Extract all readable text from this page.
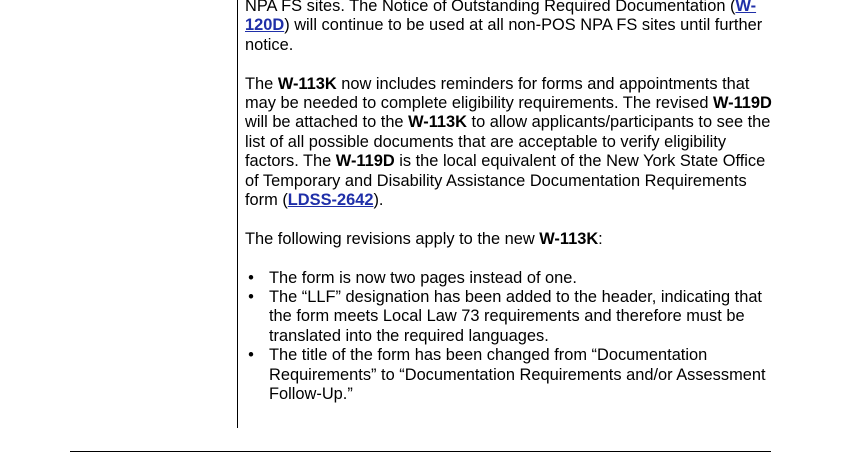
NPA FS sites. The Notice of Outstanding Required Documentation (W-120D) will continue to be used at all non-POS NPA FS sites until further notice.

The W-113K now includes reminders for forms and appointments that may be needed to complete eligibility requirements. The revised W-119D will be attached to the W-113K to allow applicants/participants to see the list of all possible documents that are acceptable to verify eligibility factors. The W-119D is the local equivalent of the New York State Office of Temporary and Disability Assistance Documentation Requirements form (LDSS-2642).

The following revisions apply to the new W-113K:

• The form is now two pages instead of one.
• The “LLF” designation has been added to the header, indicating that the form meets Local Law 73 requirements and therefore must be translated into the required languages.
• The title of the form has been changed from “Documentation Requirements” to “Documentation Requirements and/or Assessment Follow-Up.”
